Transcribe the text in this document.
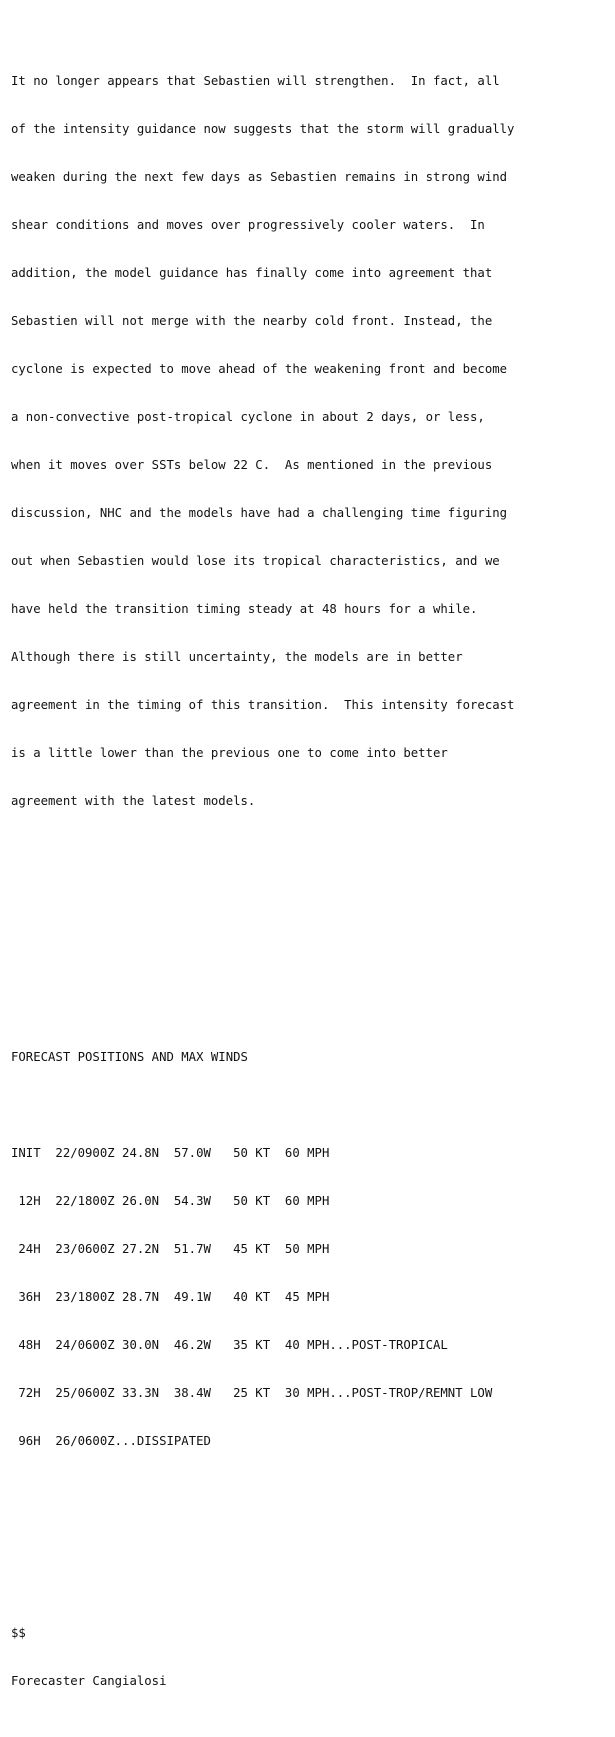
It no longer appears that Sebastien will strengthen.  In fact, all

of the intensity guidance now suggests that the storm will gradually

weaken during the next few days as Sebastien remains in strong wind

shear conditions and moves over progressively cooler waters.  In

addition, the model guidance has finally come into agreement that

Sebastien will not merge with the nearby cold front. Instead, the

cyclone is expected to move ahead of the weakening front and become

a non-convective post-tropical cyclone in about 2 days, or less,

when it moves over SSTs below 22 C.  As mentioned in the previous

discussion, NHC and the models have had a challenging time figuring

out when Sebastien would lose its tropical characteristics, and we

have held the transition timing steady at 48 hours for a while.

Although there is still uncertainty, the models are in better

agreement in the timing of this transition.  This intensity forecast

is a little lower than the previous one to come into better

agreement with the latest models.

FORECAST POSITIONS AND MAX WINDS

INIT  22/0900Z 24.8N  57.0W   50 KT  60 MPH

12H  22/1800Z 26.0N  54.3W   50 KT  60 MPH

24H  23/0600Z 27.2N  51.7W   45 KT  50 MPH

36H  23/1800Z 28.7N  49.1W   40 KT  45 MPH

48H  24/0600Z 30.0N  46.2W   35 KT  40 MPH...POST-TROPICAL

72H  25/0600Z 33.3N  38.4W   25 KT  30 MPH...POST-TROP/REMNT LOW

96H  26/0600Z...DISSIPATED

$$

Forecaster Cangialosi
